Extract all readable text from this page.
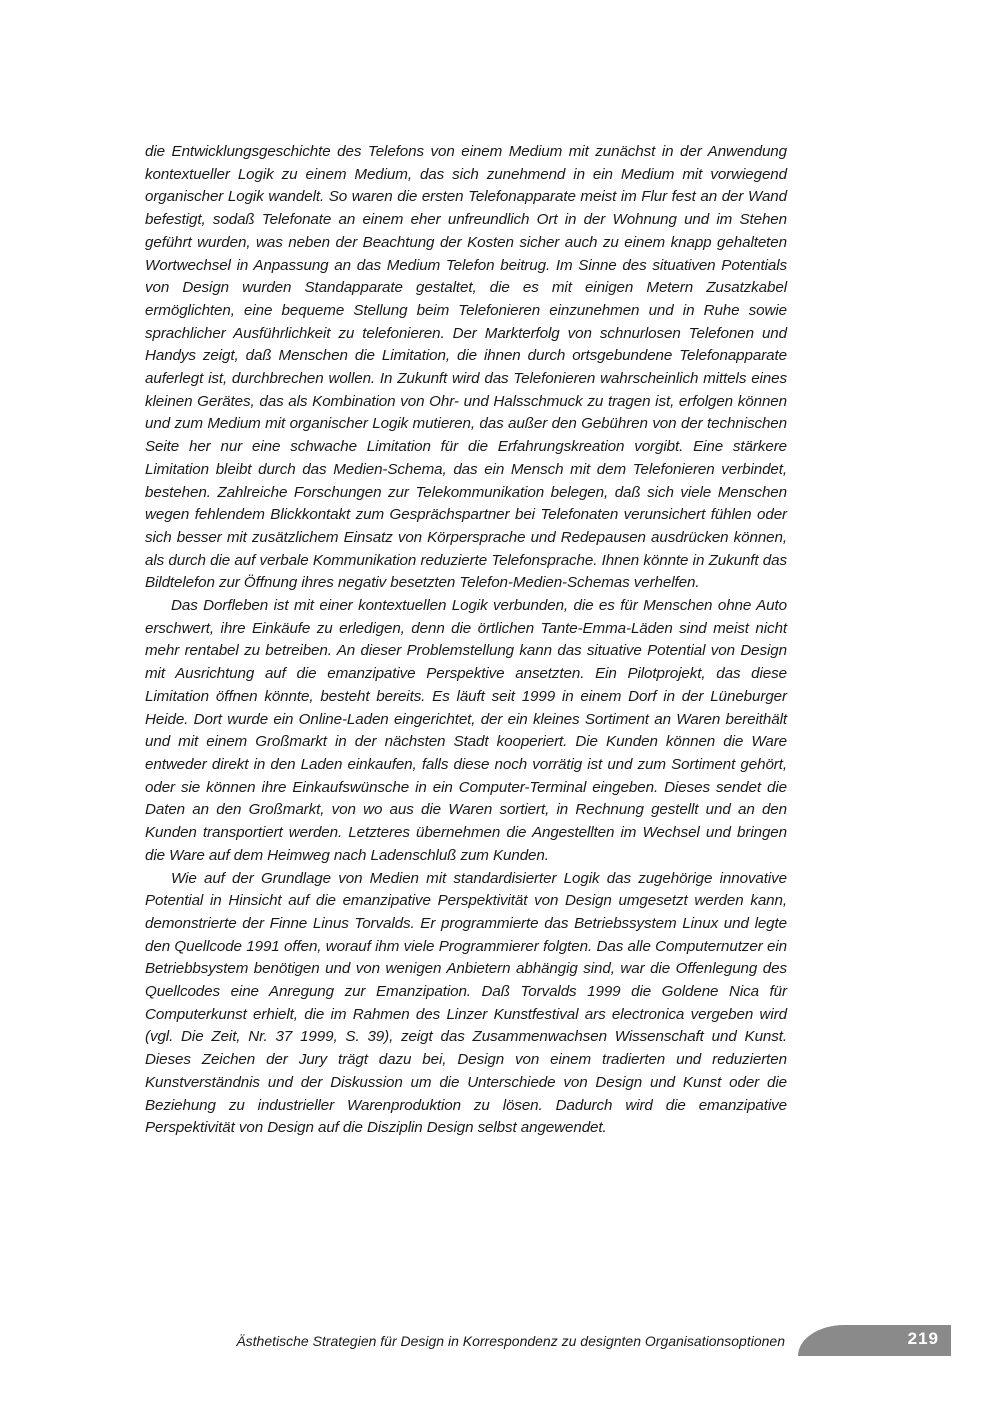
die Entwicklungsgeschichte des Telefons von einem Medium mit zunächst in der Anwendung kontextueller Logik zu einem Medium, das sich zunehmend in ein Medium mit vorwiegend organischer Logik wandelt. So waren die ersten Telefonapparate meist im Flur fest an der Wand befestigt, sodaß Telefonate an einem eher unfreundlich Ort in der Wohnung und im Stehen geführt wurden, was neben der Beachtung der Kosten sicher auch zu einem knapp gehalteten Wortwechsel in Anpassung an das Medium Telefon beitrug. Im Sinne des situativen Potentials von Design wurden Standapparate gestaltet, die es mit einigen Metern Zusatzkabel ermöglichten, eine bequeme Stellung beim Telefonieren einzunehmen und in Ruhe sowie sprachlicher Ausführlichkeit zu telefonieren. Der Markterfolg von schnurlosen Telefonen und Handys zeigt, daß Menschen die Limitation, die ihnen durch ortsgebundene Telefonapparate auferlegt ist, durchbrechen wollen. In Zukunft wird das Telefonieren wahrscheinlich mittels eines kleinen Gerätes, das als Kombination von Ohr- und Halsschmuck zu tragen ist, erfolgen können und zum Medium mit organischer Logik mutieren, das außer den Gebühren von der technischen Seite her nur eine schwache Limitation für die Erfahrungskreation vorgibt. Eine stärkere Limitation bleibt durch das Medien-Schema, das ein Mensch mit dem Telefonieren verbindet, bestehen. Zahlreiche Forschungen zur Telekommunikation belegen, daß sich viele Menschen wegen fehlendem Blickkontakt zum Gesprächspartner bei Telefonaten verunsichert fühlen oder sich besser mit zusätzlichem Einsatz von Körpersprache und Redepausen ausdrücken können, als durch die auf verbale Kommunikation reduzierte Telefonsprache. Ihnen könnte in Zukunft das Bildtelefon zur Öffnung ihres negativ besetzten Telefon-Medien-Schemas verhelfen.

Das Dorfleben ist mit einer kontextuellen Logik verbunden, die es für Menschen ohne Auto erschwert, ihre Einkäufe zu erledigen, denn die örtlichen Tante-Emma-Läden sind meist nicht mehr rentabel zu betreiben. An dieser Problemstellung kann das situative Potential von Design mit Ausrichtung auf die emanzipative Perspektive ansetzten. Ein Pilotprojekt, das diese Limitation öffnen könnte, besteht bereits. Es läuft seit 1999 in einem Dorf in der Lüneburger Heide. Dort wurde ein Online-Laden eingerichtet, der ein kleines Sortiment an Waren bereithält und mit einem Großmarkt in der nächsten Stadt kooperiert. Die Kunden können die Ware entweder direkt in den Laden einkaufen, falls diese noch vorrätig ist und zum Sortiment gehört, oder sie können ihre Einkaufswünsche in ein Computer-Terminal eingeben. Dieses sendet die Daten an den Großmarkt, von wo aus die Waren sortiert, in Rechnung gestellt und an den Kunden transportiert werden. Letzteres übernehmen die Angestellten im Wechsel und bringen die Ware auf dem Heimweg nach Ladenschluß zum Kunden.

Wie auf der Grundlage von Medien mit standardisierter Logik das zugehörige innovative Potential in Hinsicht auf die emanzipative Perspektivität von Design umgesetzt werden kann, demonstrierte der Finne Linus Torvalds. Er programmierte das Betriebssystem Linux und legte den Quellcode 1991 offen, worauf ihm viele Programmierer folgten. Das alle Computernutzer ein Betriebbsystem benötigen und von wenigen Anbietern abhängig sind, war die Offenlegung des Quellcodes eine Anregung zur Emanzipation. Daß Torvalds 1999 die Goldene Nica für Computerkunst erhielt, die im Rahmen des Linzer Kunstfestival ars electronica vergeben wird (vgl. Die Zeit, Nr. 37 1999, S. 39), zeigt das Zusammenwachsen Wissenschaft und Kunst. Dieses Zeichen der Jury trägt dazu bei, Design von einem tradierten und reduzierten Kunstverständnis und der Diskussion um die Unterschiede von Design und Kunst oder die Beziehung zu industrieller Warenproduktion zu lösen. Dadurch wird die emanzipative Perspektivität von Design auf die Disziplin Design selbst angewendet.

Ästhetische Strategien für Design in Korrespondenz zu designten Organisationsoptionen	219
